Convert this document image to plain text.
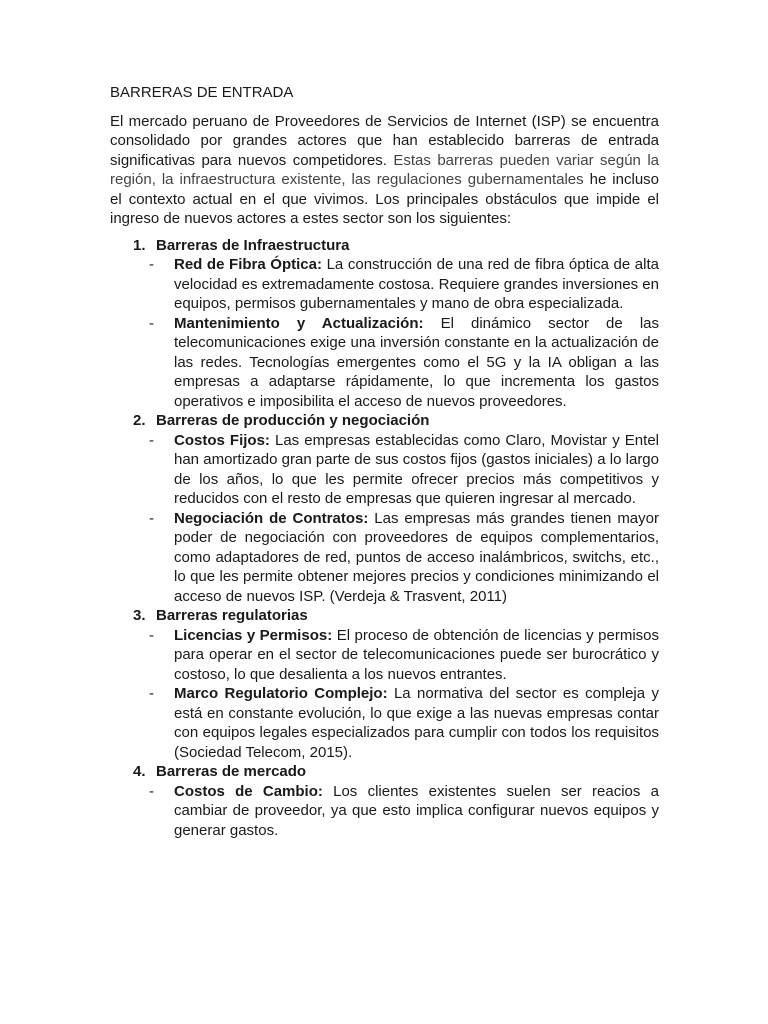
BARRERAS DE ENTRADA

El mercado peruano de Proveedores de Servicios de Internet (ISP) se encuentra consolidado por grandes actores que han establecido barreras de entrada significativas para nuevos competidores. Estas barreras pueden variar según la región, la infraestructura existente, las regulaciones gubernamentales he incluso el contexto actual en el que vivimos. Los principales obstáculos que impide el ingreso de nuevos actores a estes sector son los siguientes:

1. Barreras de Infraestructura
- Red de Fibra Óptica: La construcción de una red de fibra óptica de alta velocidad es extremadamente costosa. Requiere grandes inversiones en equipos, permisos gubernamentales y mano de obra especializada.
- Mantenimiento y Actualización: El dinámico sector de las telecomunicaciones exige una inversión constante en la actualización de las redes. Tecnologías emergentes como el 5G y la IA obligan a las empresas a adaptarse rápidamente, lo que incrementa los gastos operativos e imposibilita el acceso de nuevos proveedores.
2. Barreras de producción y negociación
- Costos Fijos: Las empresas establecidas como Claro, Movistar y Entel han amortizado gran parte de sus costos fijos (gastos iniciales) a lo largo de los años, lo que les permite ofrecer precios más competitivos y reducidos con el resto de empresas que quieren ingresar al mercado.
- Negociación de Contratos: Las empresas más grandes tienen mayor poder de negociación con proveedores de equipos complementarios, como adaptadores de red, puntos de acceso inalámbricos, switchs, etc., lo que les permite obtener mejores precios y condiciones minimizando el acceso de nuevos ISP. (Verdeja & Trasvent, 2011)
3. Barreras regulatorias
- Licencias y Permisos: El proceso de obtención de licencias y permisos para operar en el sector de telecomunicaciones puede ser burocrático y costoso, lo que desalienta a los nuevos entrantes.
- Marco Regulatorio Complejo: La normativa del sector es compleja y está en constante evolución, lo que exige a las nuevas empresas contar con equipos legales especializados para cumplir con todos los requisitos (Sociedad Telecom, 2015).
4. Barreras de mercado
- Costos de Cambio: Los clientes existentes suelen ser reacios a cambiar de proveedor, ya que esto implica configurar nuevos equipos y generar gastos.
